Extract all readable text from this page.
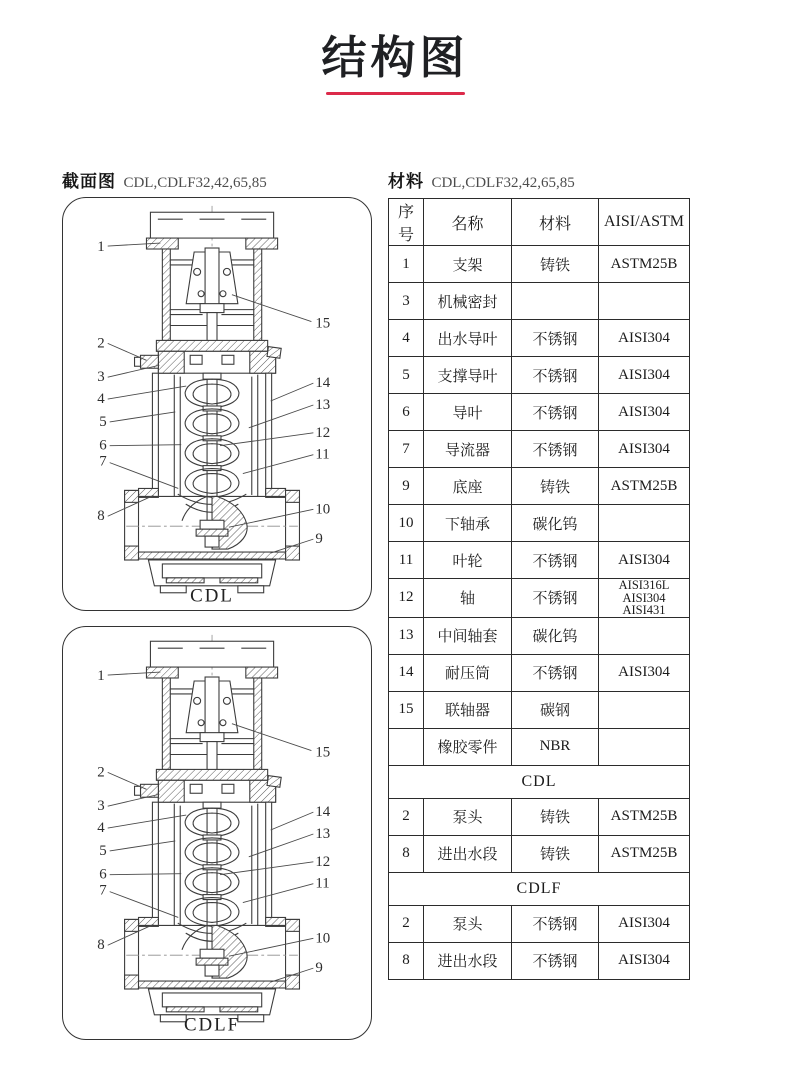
结构图
截面图 CDL,CDLF32,42,65,85
1
2
3
4
5
6
7
8
9
10
11
12
13
14
15
CDL
1
2
3
4
5
6
7
8
9
10
11
12
13
14
15
CDLF
材料 CDL,CDLF32,42,65,85
序号	名称	材料	AISI/ASTM
1	支架	铸铁	ASTM25B
3	机械密封		
4	出水导叶	不锈钢	AISI304
5	支撑导叶	不锈钢	AISI304
6	导叶	不锈钢	AISI304
7	导流器	不锈钢	AISI304
9	底座	铸铁	ASTM25B
10	下轴承	碳化钨	
11	叶轮	不锈钢	AISI304
12	轴	不锈钢	AISI316L
AISI304
AISI431

13	中间轴套	碳化钨	
14	耐压筒	不锈钢	AISI304
15	联轴器	碳钢	
	橡胶零件	NBR	
CDL			
2	泵头	铸铁	ASTM25B
8	进出水段	铸铁	ASTM25B
CDLF			
2	泵头	不锈钢	AISI304
8	进出水段	不锈钢	AISI304
